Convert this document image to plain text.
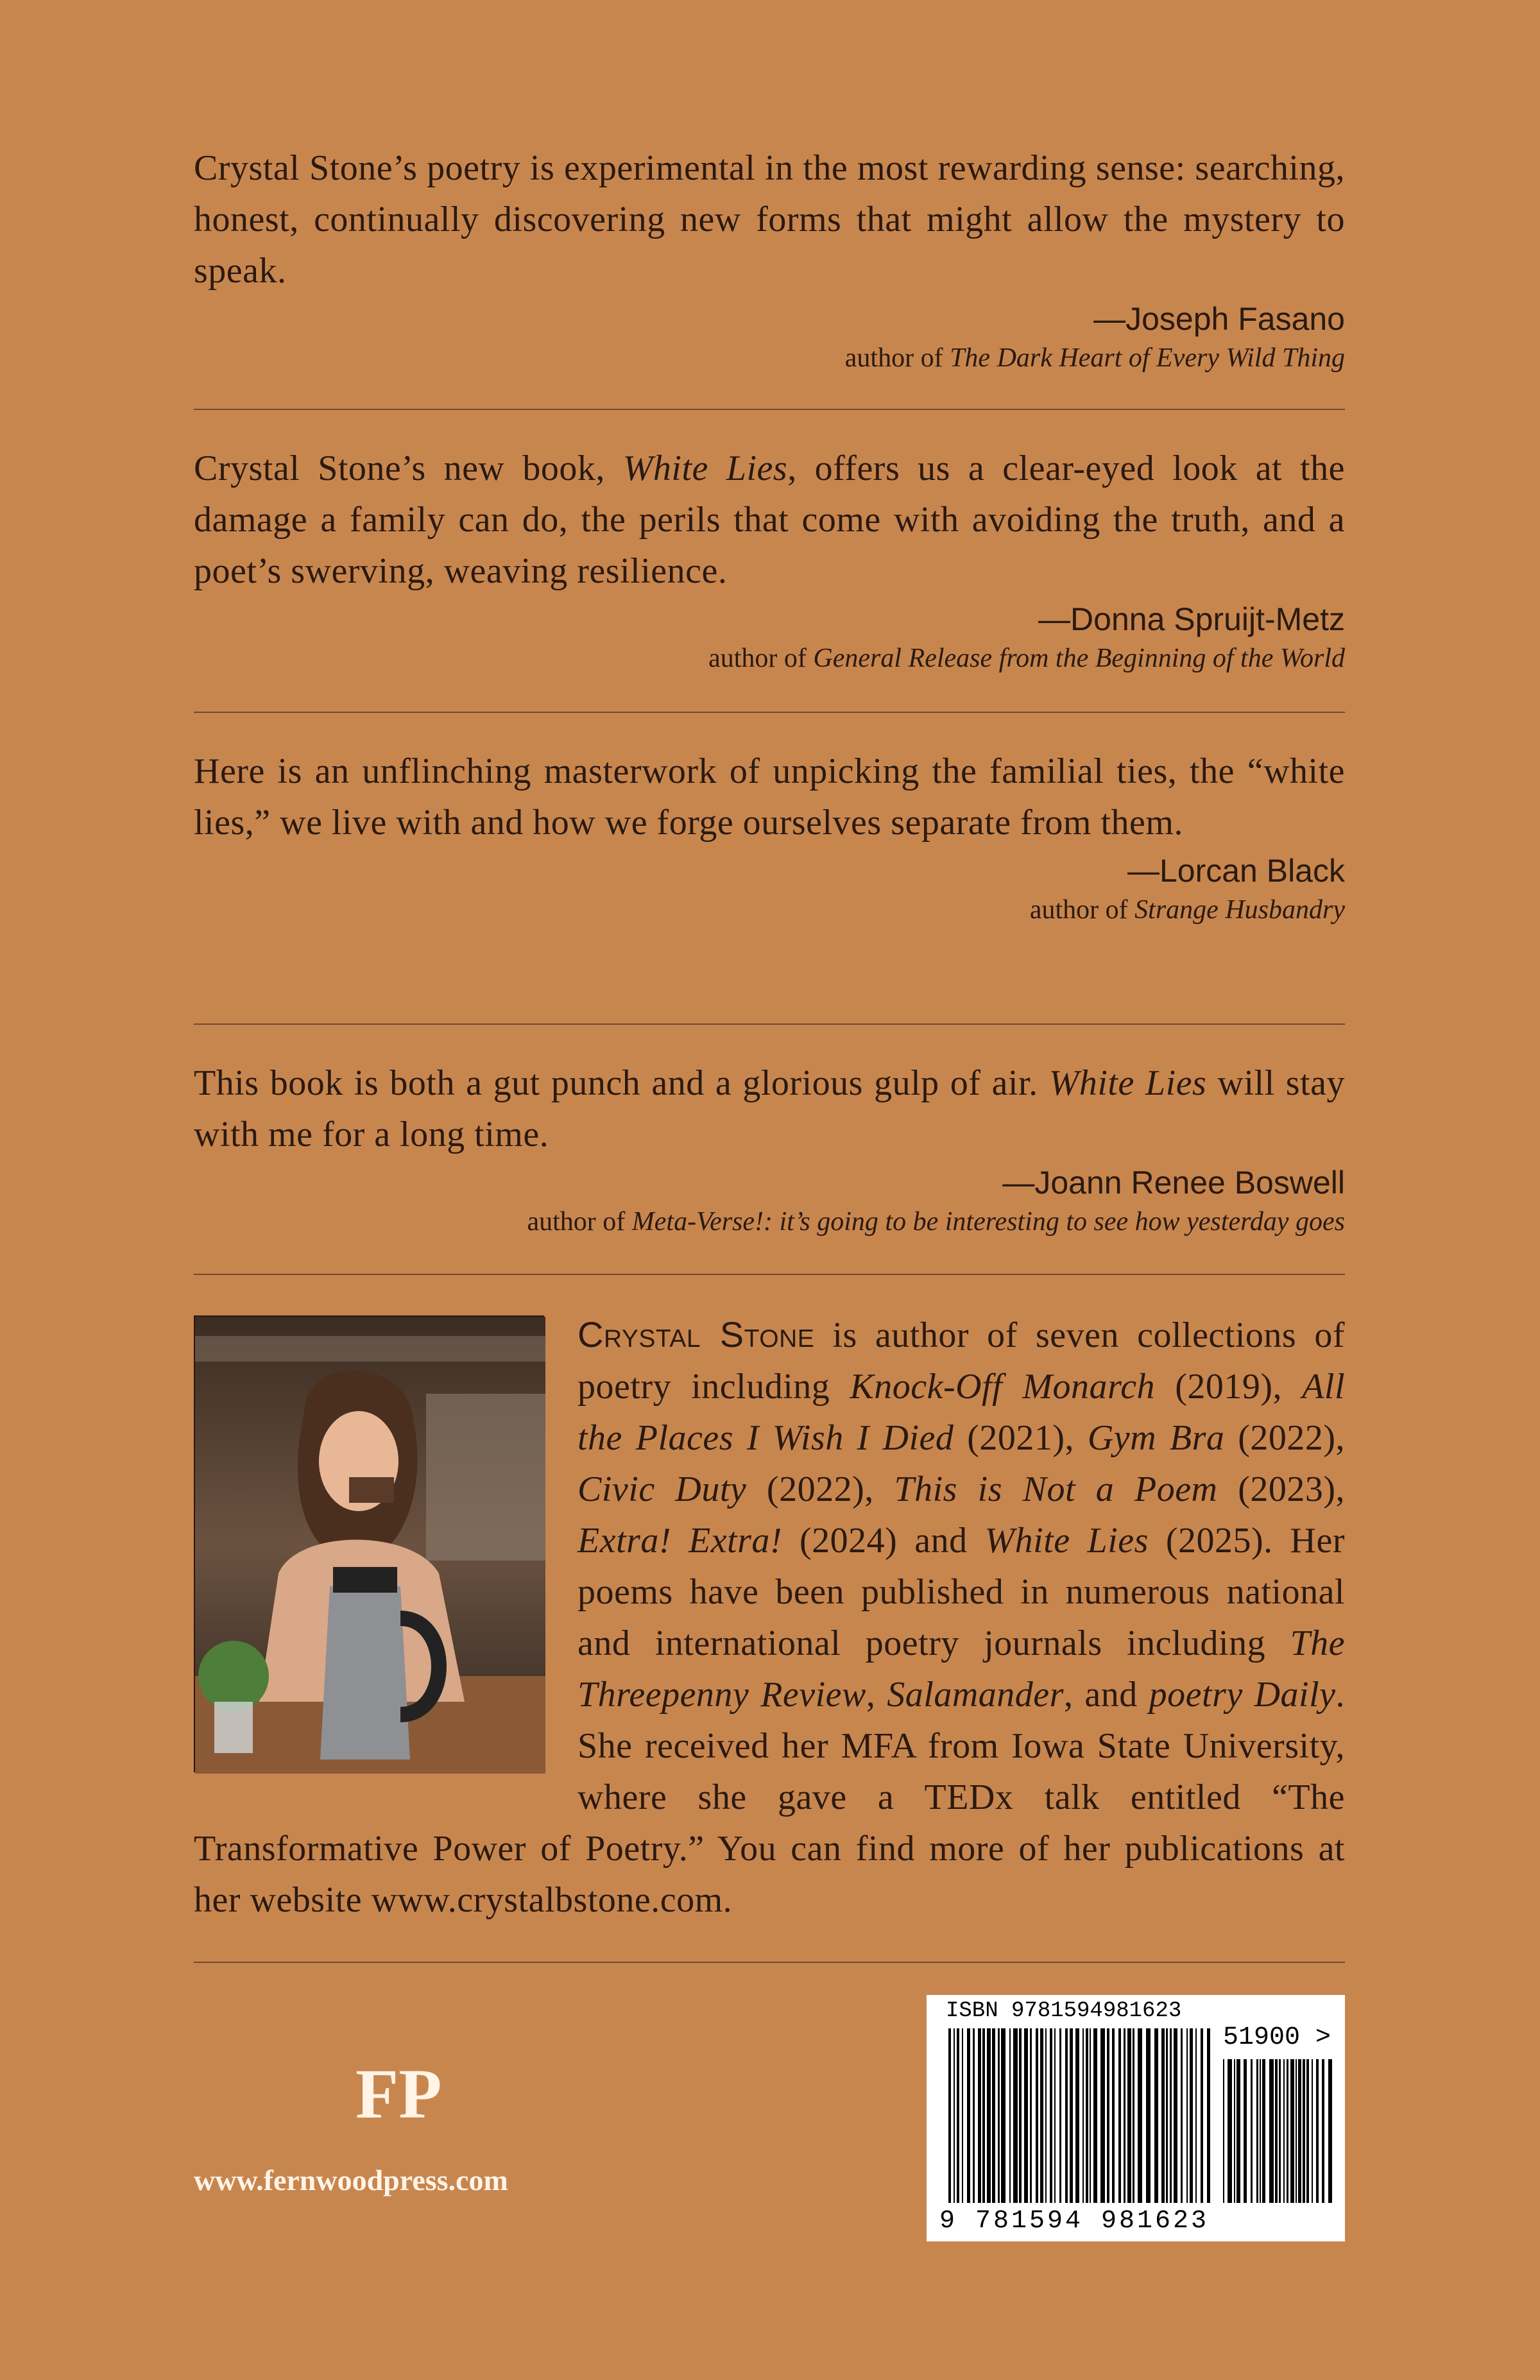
Crystal Stone’s poetry is experimental in the most rewarding sense: searching, honest, continually discovering new forms that might allow the mystery to speak.

—Joseph Fasano
author of The Dark Heart of Every Wild Thing

Crystal Stone’s new book, White Lies, offers us a clear-eyed look at the damage a family can do, the perils that come with avoiding the truth, and a poet’s swerving, weaving resilience.

—Donna Spruijt-Metz
author of General Release from the Beginning of the World

Here is an unflinching masterwork of unpicking the familial ties, the “white lies,” we live with and how we forge ourselves separate from them.

—Lorcan Black
author of Strange Husbandry

This book is both a gut punch and a glorious gulp of air. White Lies will stay with me for a long time.

—Joann Renee Boswell
author of Meta-Verse!: it’s going to be interesting to see how yesterday goes

Crystal Stone is author of seven collections of poetry including Knock-Off Monarch (2019), All the Places I Wish I Died (2021), Gym Bra (2022), Civic Duty (2022), This is Not a Poem (2023), Extra! Extra! (2024) and White Lies (2025). Her poems have been published in numerous national and international poetry journals including The Threepenny Review, Salamander, and poetry Daily. She received her MFA from Iowa State University, where she gave a TEDx talk entitled “The Transformative Power of Poetry.” You can find more of her publications at her website www.crystalbstone.com.

FP
www.fernwoodpress.com
ISBN 9781594981623
51900 >
9 781594 981623
